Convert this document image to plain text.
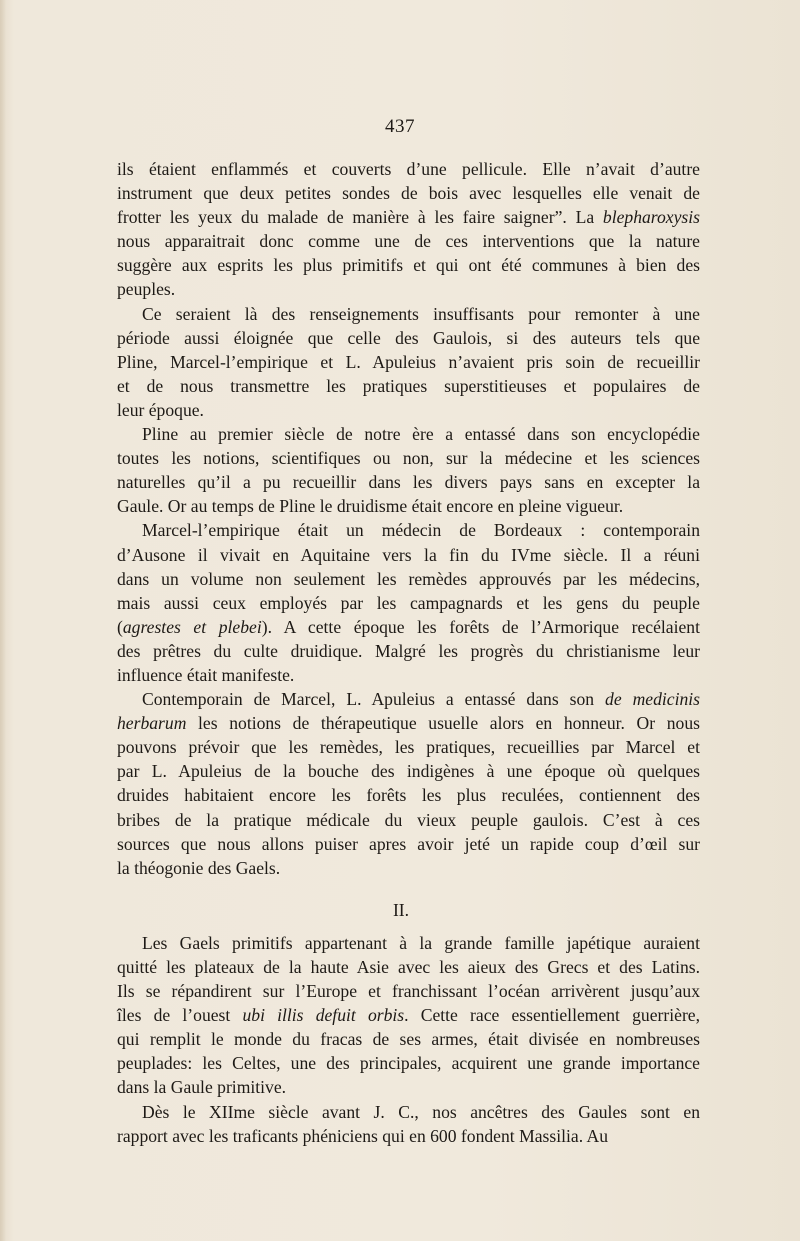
437
ils étaient enflammés et couverts d’une pellicule. Elle n’avait d’autre
instrument que deux petites sondes de bois avec lesquelles elle venait de
frotter les yeux du malade de manière à les faire saigner”. La blepharoxysis
nous apparaitrait donc comme une de ces interventions que la nature
suggère aux esprits les plus primitifs et qui ont été communes à bien des
peuples.
Ce seraient là des renseignements insuffisants pour remonter à une
période aussi éloignée que celle des Gaulois, si des auteurs tels que
Pline, Marcel-l’empirique et L. Apuleius n’avaient pris soin de recueillir
et de nous transmettre les pratiques superstitieuses et populaires de
leur époque.
Pline au premier siècle de notre ère a entassé dans son encyclopédie
toutes les notions, scientifiques ou non, sur la médecine et les sciences
naturelles qu’il a pu recueillir dans les divers pays sans en excepter la
Gaule. Or au temps de Pline le druidisme était encore en pleine vigueur.
Marcel-l’empirique était un médecin de Bordeaux : contemporain
d’Ausone il vivait en Aquitaine vers la fin du IVme siècle. Il a réuni
dans un volume non seulement les remèdes approuvés par les médecins,
mais aussi ceux employés par les campagnards et les gens du peuple
(agrestes et plebei). A cette époque les forêts de l’Armorique recélaient
des prêtres du culte druidique. Malgré les progrès du christianisme leur
influence était manifeste.
Contemporain de Marcel, L. Apuleius a entassé dans son de medicinis
herbarum les notions de thérapeutique usuelle alors en honneur. Or nous
pouvons prévoir que les remèdes, les pratiques, recueillies par Marcel et
par L. Apuleius de la bouche des indigènes à une époque où quelques
druides habitaient encore les forêts les plus reculées, contiennent des
bribes de la pratique médicale du vieux peuple gaulois. C’est à ces
sources que nous allons puiser apres avoir jeté un rapide coup d’œil sur
la théogonie des Gaels.
II.
Les Gaels primitifs appartenant à la grande famille japétique auraient
quitté les plateaux de la haute Asie avec les aieux des Grecs et des Latins.
Ils se répandirent sur l’Europe et franchissant l’océan arrivèrent jusqu’aux
îles de l’ouest ubi illis defuit orbis. Cette race essentiellement guerrière,
qui remplit le monde du fracas de ses armes, était divisée en nombreuses
peuplades: les Celtes, une des principales, acquirent une grande importance
dans la Gaule primitive.
Dès le XIIme siècle avant J. C., nos ancêtres des Gaules sont en
rapport avec les traficants phéniciens qui en 600 fondent Massilia. Au
